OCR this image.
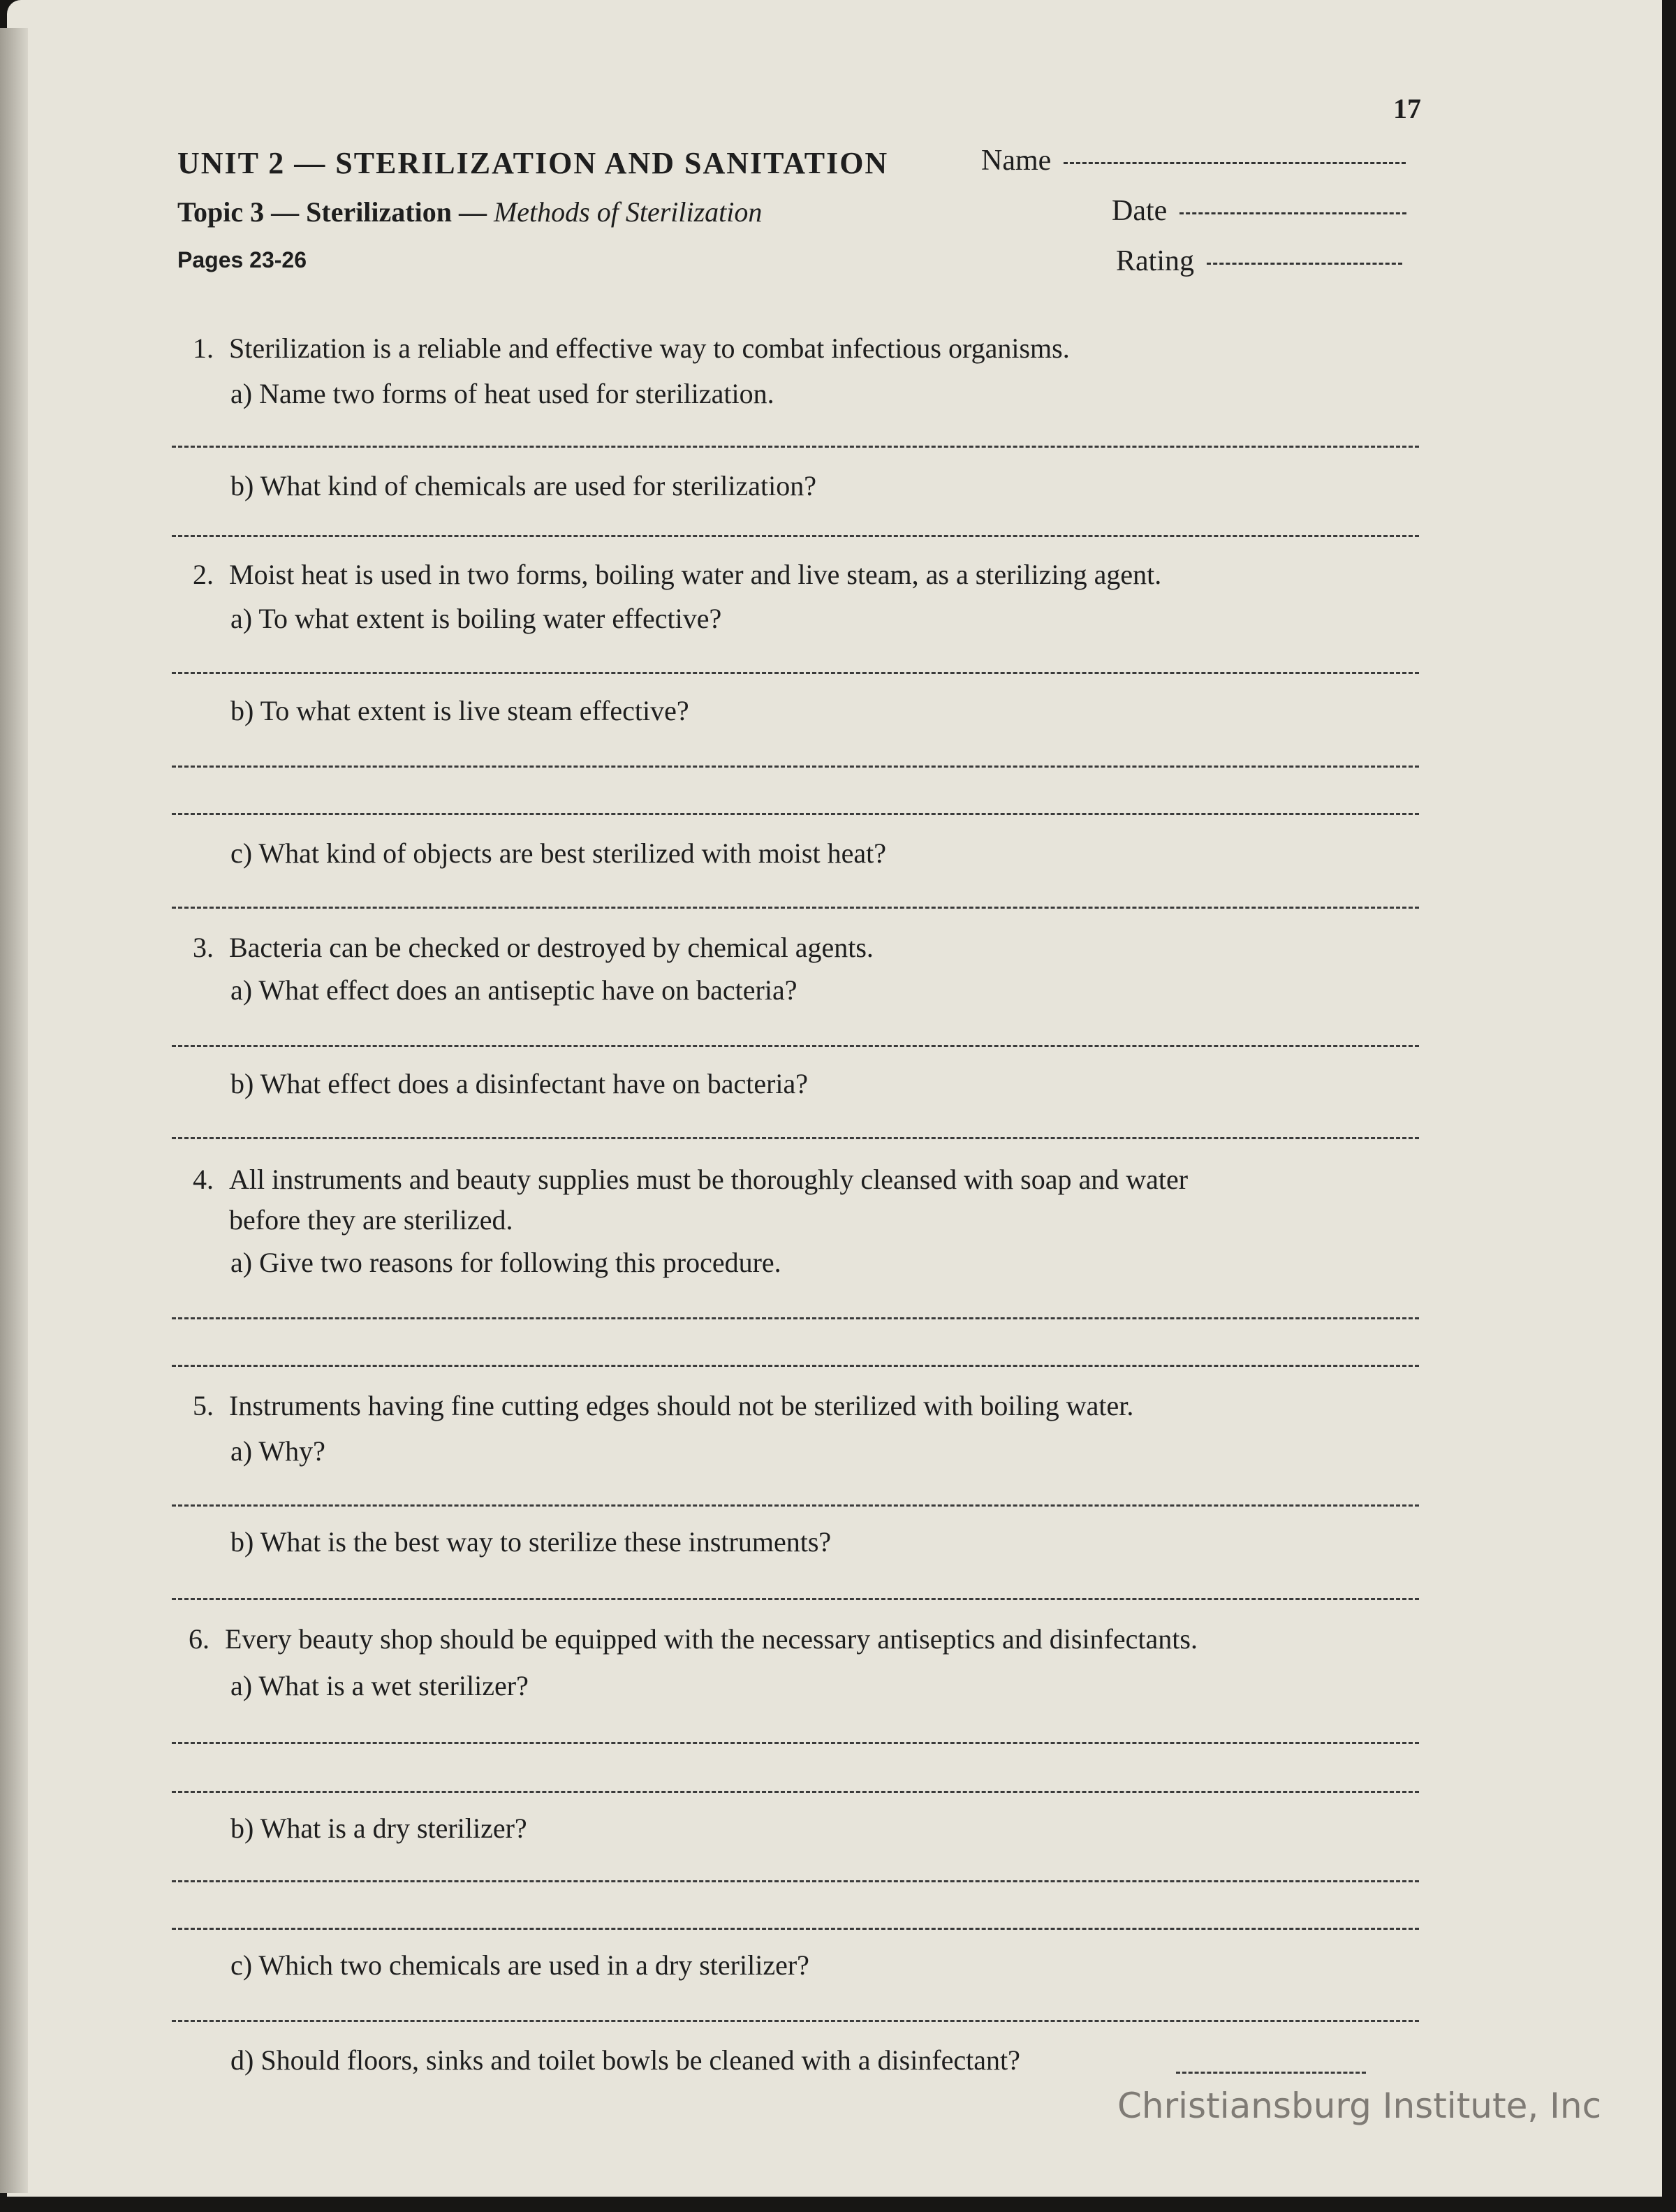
17
UNIT 2 — STERILIZATION AND SANITATION
Topic 3 — Sterilization — Methods of Sterilization
Pages 23-26
Name
Date
Rating
1. Sterilization is a reliable and effective way to combat infectious organisms.
a) Name two forms of heat used for sterilization.
b) What kind of chemicals are used for sterilization?
2. Moist heat is used in two forms, boiling water and live steam, as a sterilizing agent.
a) To what extent is boiling water effective?
b) To what extent is live steam effective?
c) What kind of objects are best sterilized with moist heat?
3. Bacteria can be checked or destroyed by chemical agents.
a) What effect does an antiseptic have on bacteria?
b) What effect does a disinfectant have on bacteria?
4. All instruments and beauty supplies must be thoroughly cleansed with soap and water
before they are sterilized.
a) Give two reasons for following this procedure.
5. Instruments having fine cutting edges should not be sterilized with boiling water.
a) Why?
b) What is the best way to sterilize these instruments?
6. Every beauty shop should be equipped with the necessary antiseptics and disinfectants.
a) What is a wet sterilizer?
b) What is a dry sterilizer?
c) Which two chemicals are used in a dry sterilizer?
d) Should floors, sinks and toilet bowls be cleaned with a disinfectant?
Christiansburg Institute, Inc
